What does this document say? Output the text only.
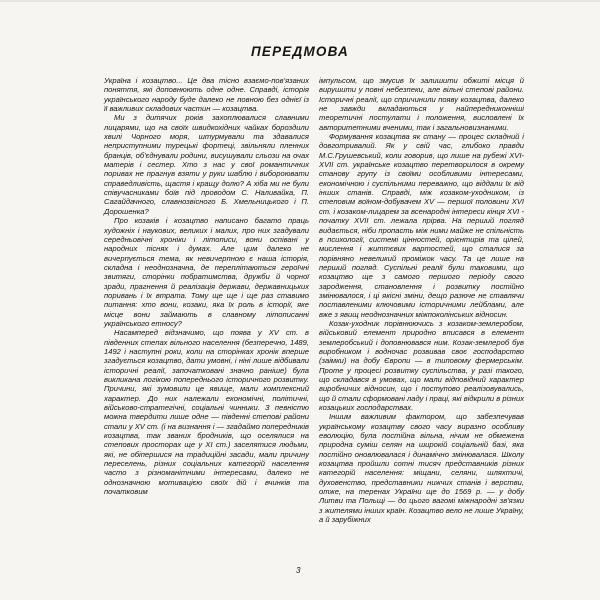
ПЕРЕДМОВА

Україна і козацтво... Це два тісно взаємо-пов'язаних поняття, які доповнюють одне одне. Справді, історія українського народу буде далеко не повною без однієї із її важливих складових частин — козацтва.

Ми з дитячих років захоплювалися славними лицарями, що на своїх швидкохідних чайках бороздили хвилі Чорного моря, штурмували та здавалися неприступними турецькі фортеці, звільняли пленних бранців, об'єднували родини, висушували сльози на очах матерів і сестер. Хто з нас у свої романтичних поривах не прагнув взяти у руки шаблю і вибороювати справедливість, щастя і кращу долю? А хіба ми не були співучасниками боїв під проводом С. Наливайка, П. Сагайдачного, славнозвісного Б. Хмельницького і П. Дорошенка?

Про козаків і козацтво написано багато праць художніх і наукових, великих і малих, про них згадували середньовічні хроніки і літописи, вони оспівані у народних піснях і думах. Але цим далеко не вичерпується тема, як невичерпною є наша історія, складна і неоднозначна, де переплітаються героїчні звитяги, сторінки побратимства, дружби й чорної зради, прагнення й реалізація держави, державницьких поривань і їх втрата. Тому ще ще і ще раз ставимо питання: хто вони, козаки, яка їх роль в історії, яке місце вони займають в славному літописанні українського етносу?

Насамперед відзначимо, що поява у XV ст. в південних степах вільного населення (безперечно, 1489, 1492 і наступні роки, коли на сторінках хронік вперше згадується козацтво, дати умовні, і ніні лише відбивали історичні реалії, започатковані значно раніше) була викликана логікою попереднього історичного розвитку. Причини, які зумовили це явище, мали комплексний характер. До них належали економічні, політичні, військово-стратегічні, соціальні чинники. З певністю можна твердити лише одне — південні степові райони стали у XV ст. (і на визнання і — згадаймо попередників козацтва, так званих бродників, що оселялися на степових просторах ще у ХІ ст.) заселятися людьми, які, не обіпершися на традиційні засади, мали причину переселень, різних соціальних категорій населення часто з різноманітними інтересами, далеко не однозначною мотивацією своїх дій і вчинків та початковим

імпульсом, що змусив їх залишити обжиті місця й вирушити у повні небезпеки, але вільні степові райони. Історичні реалії, що спричинили появу козацтва, далеко не завжди вкладаються у найпередниконніші теоретичні постулати і положення, висловлені їх авторитетними вченими, так і загальновизнаними.

Формування козацтва як стану — процес складний і довготривалий. Як у свій час, глибоко правди М.С.Грушевський, коли говорив, що лише на рубежі XVI-XVII ст. українське козацтво перетворилося в окрему станову групу із своїми особливими інтересами, економічною і суспільними переважно, що віддали їх від інших станів. Справді, між козаком-уходником, із степовим воїном-добувачем XV — першої половини XVI ст. і козаком-лицарем за всенародні інтереси кінця XVI - початку XVII ст. лежала прірва. На перший погляд видається, ніби пропасть між ними майже не спільність в психології, системі цінностей, орієнтирів та цілей, мислення і життєвих вартостей, що сталися за порівняно невеликий проміжок часу. Та це лише на перший погляд. Суспільні реалії були таковими, що козацтво ще з самого першого періоду свого зародження, становлення і розвитку постійно змінювалося, і ці якісні зміни, дещо разюче не ставлячи поставленими ключовими історичними лейблами, але вже з явищ неоднозначних міжпоколінських відносин.

Козак-уходник порівнюючись з козаком-землеробом, військовий елемент природно вписався в елемент землеробський і доповнювався ним. Козак-землероб був виробником і водночас розвивав своє господарство (заімки) на добу Європи — в типовому фермерськім. Проте у процесі розвитку суспільства, у разі такого, що складався в умовах, що мали відповідний характер виробничих відносин, що і поступово реалізовувались, що й стали сформовані ладу і праці, які відкрили в різних козацьких господарствах.

Іншим важливим фактором, що забезпечував українському козацтву свого часу виразно особливу еволюцію, була постійна вільна, нічим не обмежена природна суміш селян на широкій соціальній базі, яка постійно оновлювалася і динамічно змінювалася. Школу козацтва пройшли сотні тисяч представників різних категорій населення: міщани, селяни, шляхтичі, духовенство, представники нижчих станів і верстви, отже, на теренах України ще до 1569 р. — у добу Литви та Польщі — до цього вагомі міжнародні зв'язки з жителями інших країн. Козацтво вело не лише Україну, а й зарубіжних

3
